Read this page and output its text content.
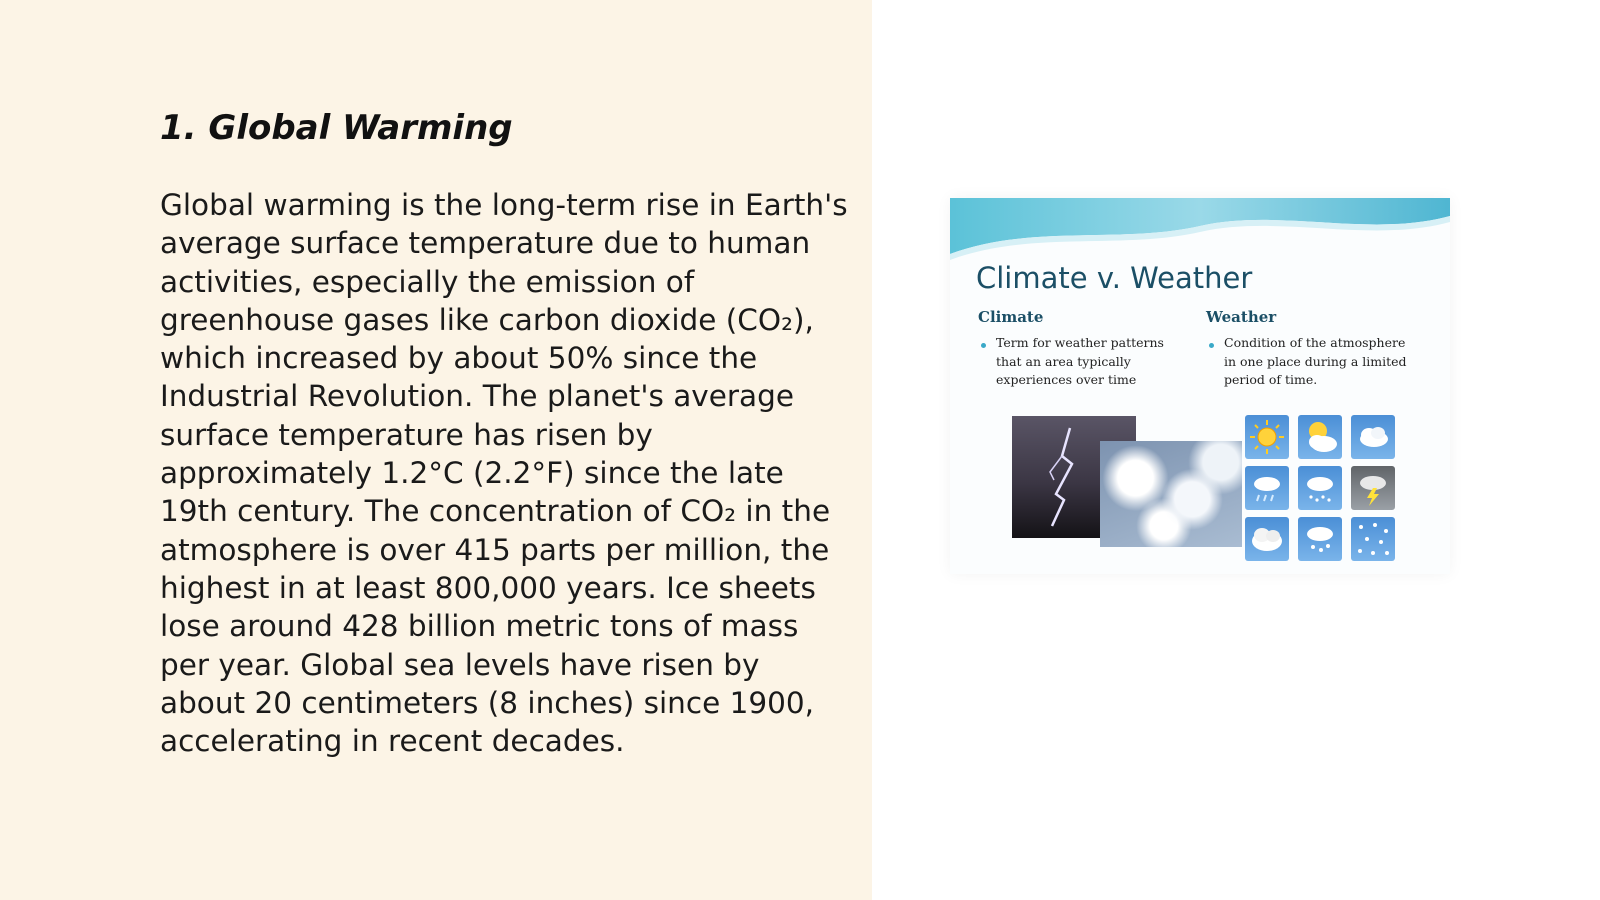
1. Global Warming

Global warming is the long-term rise in Earth's average surface temperature due to human activities, especially the emission of greenhouse gases like carbon dioxide (CO₂), which increased by about 50% since the Industrial Revolution. The planet's average surface temperature has risen by approximately 1.2°C (2.2°F) since the late 19th century. The concentration of CO₂ in the atmosphere is over 415 parts per million, the highest in at least 800,000 years. Ice sheets lose around 428 billion metric tons of mass per year. Global sea levels have risen by about 20 centimeters (8 inches) since 1900, accelerating in recent decades.

Climate v. Weather
Climate	Weather
Term for weather patterns
that an area typically
experiences over time
Condition of the atmosphere
in one place during a limited
period of time.
